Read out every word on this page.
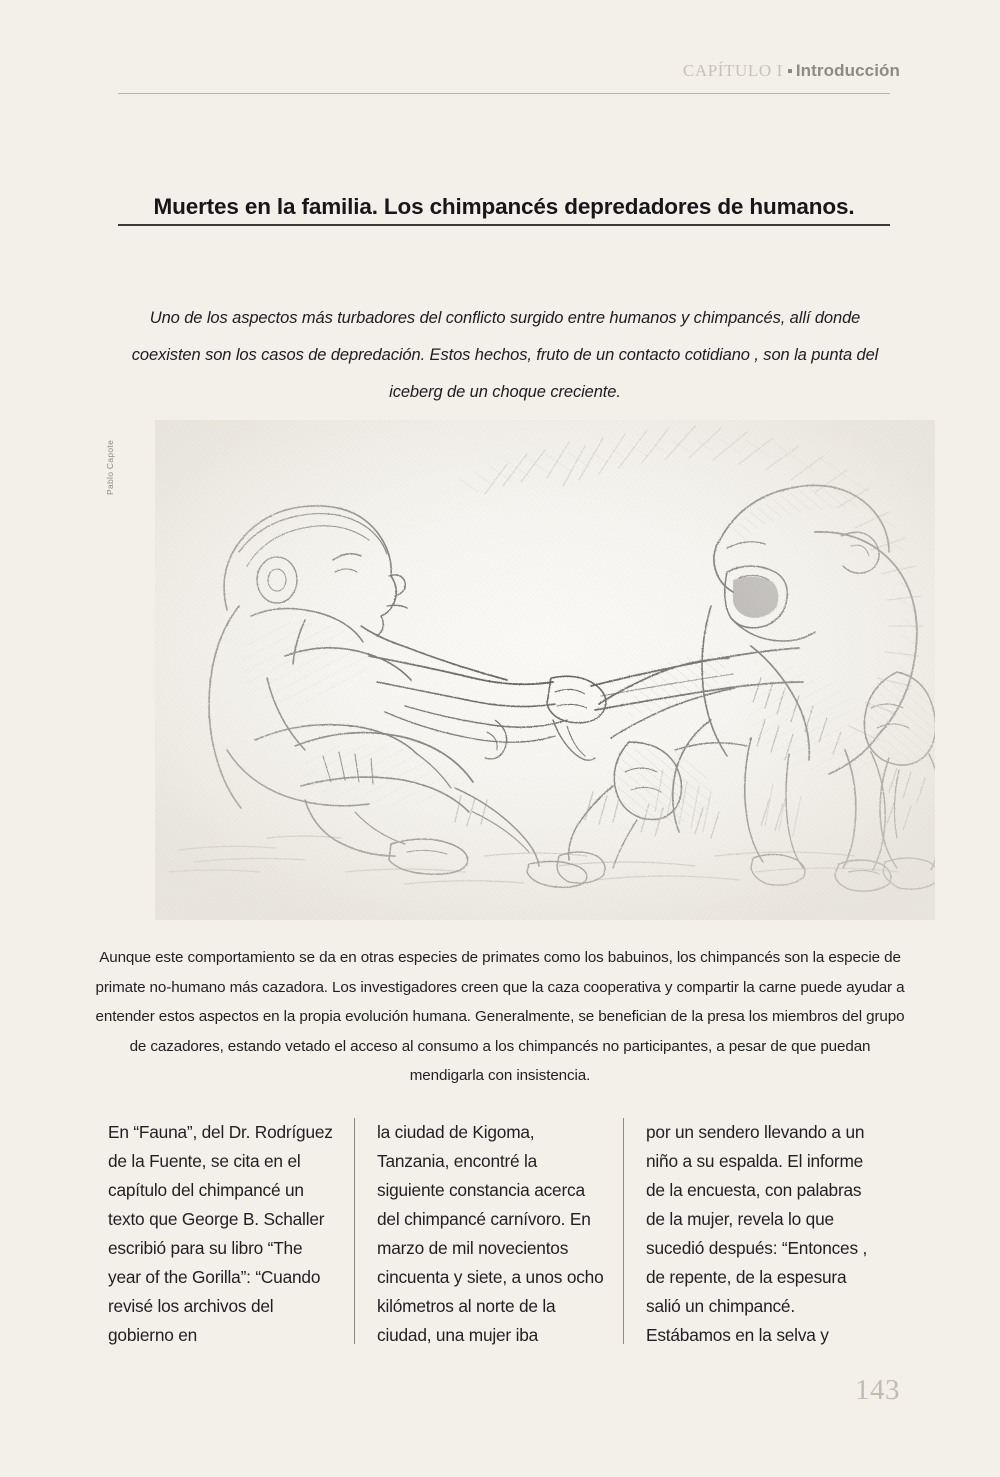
CAPÍTULO I Introducción
Muertes en la familia. Los chimpancés depredadores de humanos.

Uno de los aspectos más turbadores del conflicto surgido entre humanos y chimpancés, allí donde coexisten son los casos de depredación. Estos hechos, fruto de un contacto cotidiano , son la punta del iceberg de un choque creciente.

Pablo Capote

Aunque este comportamiento se da en otras especies de primates como los babuinos, los chimpancés son la especie de primate no-humano más cazadora. Los investigadores creen que la caza cooperativa y compartir la carne puede ayudar a entender estos aspectos en la propia evolución humana. Generalmente, se benefician de la presa los miembros del grupo de cazadores, estando vetado el acceso al consumo a los chimpancés no participantes, a pesar de que puedan mendigarla con insistencia.

En “Fauna”, del Dr. Rodríguez de la Fuente, se cita en el capítulo del chimpancé un texto que George B. Schaller escribió para su libro “The year of the Gorilla”: “Cuando revisé los archivos del gobierno en
la ciudad de Kigoma, Tanzania, encontré la siguiente constancia acerca del chimpancé carnívoro. En marzo de mil novecientos cincuenta y siete, a unos ocho kilómetros al norte de la ciudad, una mujer iba
por un sendero llevando a un niño a su espalda. El informe de la encuesta, con palabras de la mujer, revela lo que sucedió después: “Entonces , de repente, de la espesura salió un chimpancé. Estábamos en la selva y
143
